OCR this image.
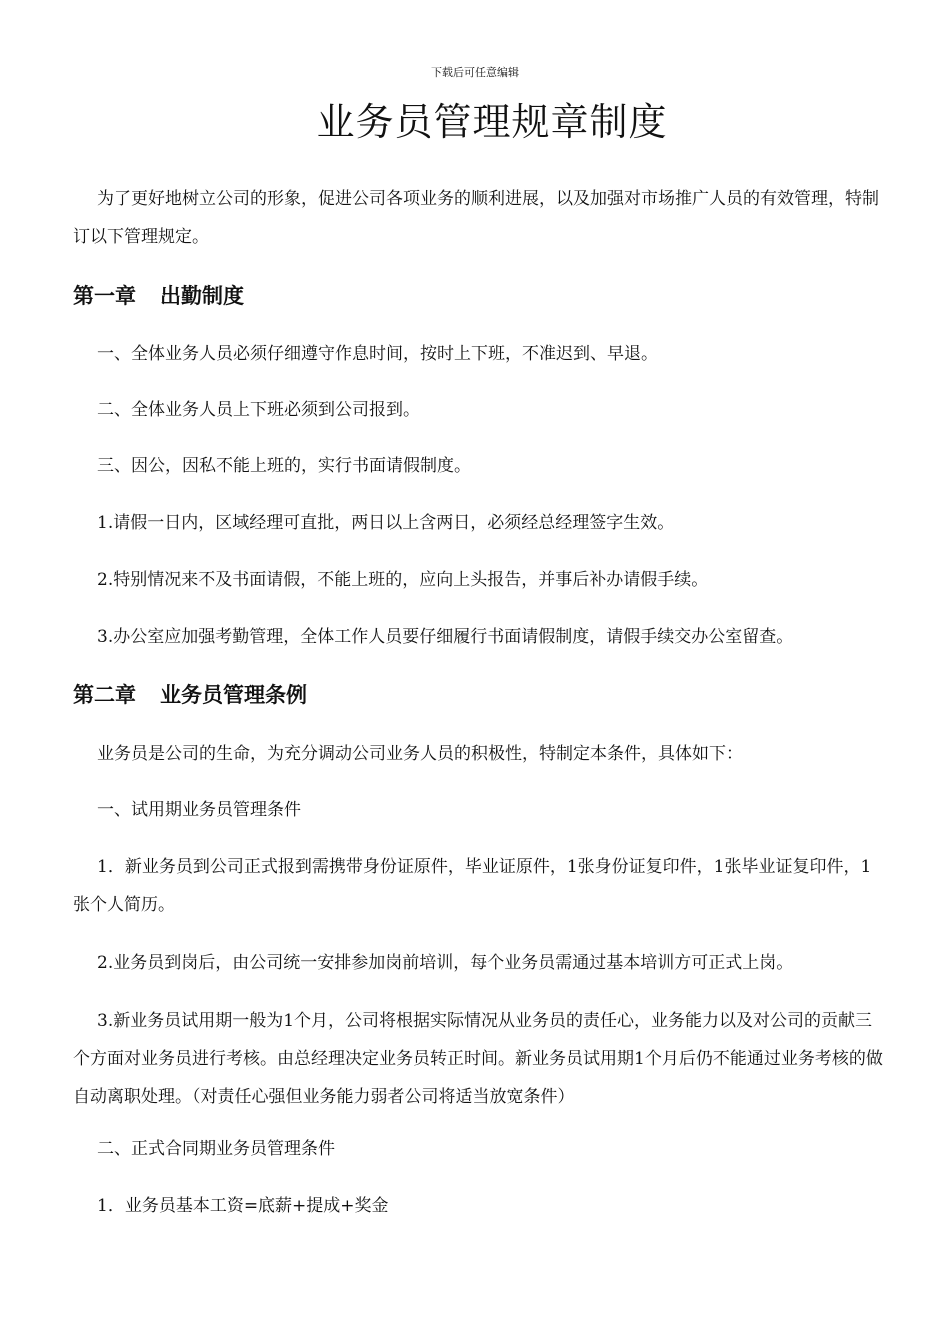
下载后可任意编辑
业务员管理规章制度
为了更好地树立公司的形象，促进公司各项业务的顺利进展，以及加强对市场推广人员的有效管理，特制订以下管理规定。
第一章 出勤制度
一、全体业务人员必须仔细遵守作息时间，按时上下班，不准迟到、早退。
二、全体业务人员上下班必须到公司报到。
三、因公，因私不能上班的，实行书面请假制度。
1.请假一日内，区域经理可直批，两日以上含两日，必须经总经理签字生效。
2.特别情况来不及书面请假，不能上班的，应向上头报告，并事后补办请假手续。
3.办公室应加强考勤管理，全体工作人员要仔细履行书面请假制度，请假手续交办公室留查。
第二章 业务员管理条例
业务员是公司的生命，为充分调动公司业务人员的积极性，特制定本条件，具体如下：
一、试用期业务员管理条件
1．新业务员到公司正式报到需携带身份证原件，毕业证原件，1张身份证复印件，1张毕业证复印件，1张个人简历。
2.业务员到岗后，由公司统一安排参加岗前培训，每个业务员需通过基本培训方可正式上岗。
3.新业务员试用期一般为1个月，公司将根据实际情况从业务员的责任心，业务能力以及对公司的贡献三个方面对业务员进行考核。由总经理决定业务员转正时间。新业务员试用期1个月后仍不能通过业务考核的做自动离职处理。（对责任心强但业务能力弱者公司将适当放宽条件）
二、正式合同期业务员管理条件
1．业务员基本工资=底薪+提成+奖金
